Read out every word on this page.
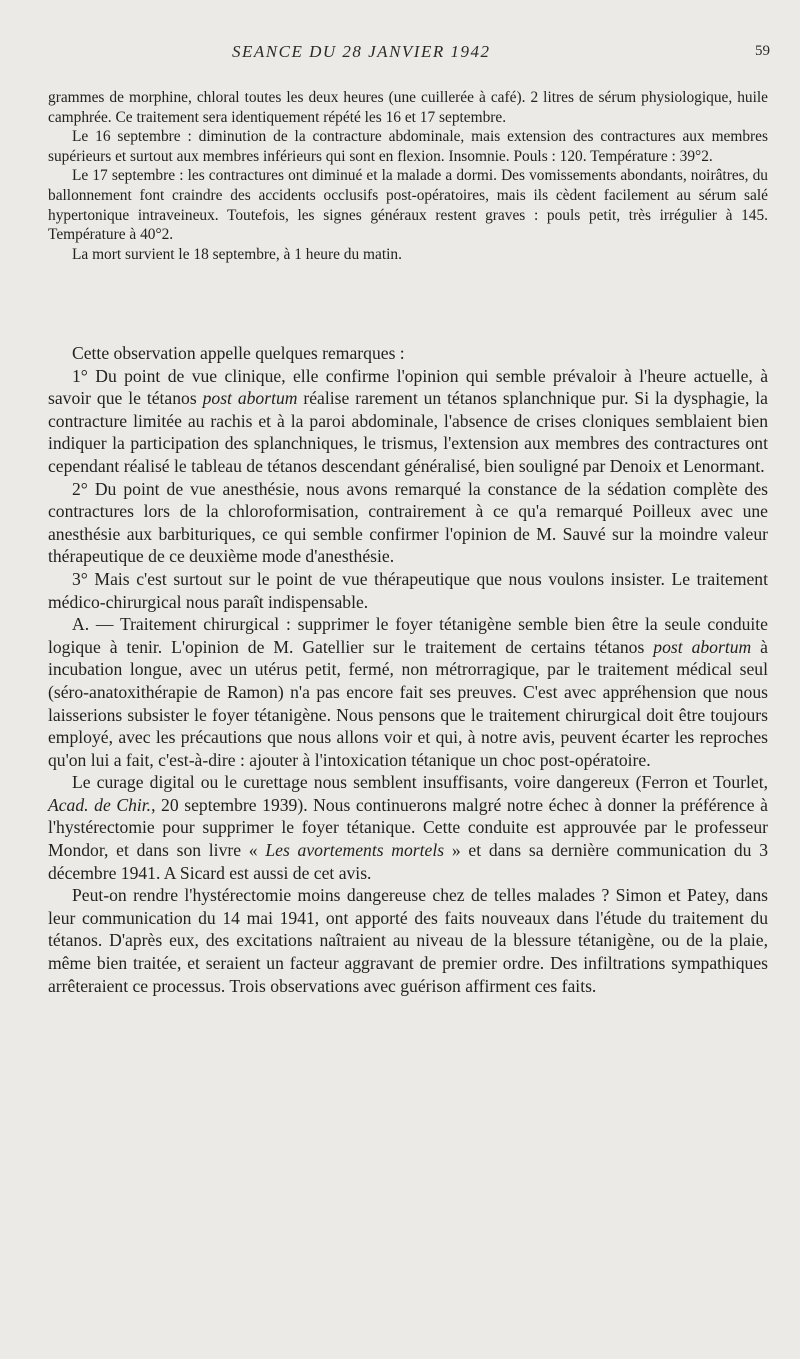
SEANCE DU 28 JANVIER 1942	59

grammes de morphine, chloral toutes les deux heures (une cuillerée à café). 2 litres de sérum physiologique, huile camphrée. Ce traitement sera identiquement répété les 16 et 17 septembre.

Le 16 septembre : diminution de la contracture abdominale, mais extension des contractures aux membres supérieurs et surtout aux membres inférieurs qui sont en flexion. Insomnie. Pouls : 120. Température : 39°2.

Le 17 septembre : les contractures ont diminué et la malade a dormi. Des vomissements abondants, noirâtres, du ballonnement font craindre des accidents occlusifs post-opératoires, mais ils cèdent facilement au sérum salé hypertonique intraveineux. Toutefois, les signes généraux restent graves : pouls petit, très irrégulier à 145. Température à 40°2.

La mort survient le 18 septembre, à 1 heure du matin.

Cette observation appelle quelques remarques :

1° Du point de vue clinique, elle confirme l'opinion qui semble prévaloir à l'heure actuelle, à savoir que le tétanos post abortum réalise rarement un tétanos splanchnique pur. Si la dysphagie, la contracture limitée au rachis et à la paroi abdominale, l'absence de crises cloniques semblaient bien indiquer la participation des splanchniques, le trismus, l'extension aux membres des contractures ont cependant réalisé le tableau de tétanos descendant généralisé, bien souligné par Denoix et Lenormant.

2° Du point de vue anesthésie, nous avons remarqué la constance de la sédation complète des contractures lors de la chloroformisation, contrairement à ce qu'a remarqué Poilleux avec une anesthésie aux barbituriques, ce qui semble confirmer l'opinion de M. Sauvé sur la moindre valeur thérapeutique de ce deuxième mode d'anesthésie.

3° Mais c'est surtout sur le point de vue thérapeutique que nous voulons insister. Le traitement médico-chirurgical nous paraît indispensable.

A. — Traitement chirurgical : supprimer le foyer tétanigène semble bien être la seule conduite logique à tenir. L'opinion de M. Gatellier sur le traitement de certains tétanos post abortum à incubation longue, avec un utérus petit, fermé, non métrorragique, par le traitement médical seul (séro-anatoxithérapie de Ramon) n'a pas encore fait ses preuves. C'est avec appréhension que nous laisserions subsister le foyer tétanigène. Nous pensons que le traitement chirurgical doit être toujours employé, avec les précautions que nous allons voir et qui, à notre avis, peuvent écarter les reproches qu'on lui a fait, c'est-à-dire : ajouter à l'intoxication tétanique un choc post-opératoire.

Le curage digital ou le curettage nous semblent insuffisants, voire dangereux (Ferron et Tourlet, Acad. de Chir., 20 septembre 1939). Nous continuerons malgré notre échec à donner la préférence à l'hystérectomie pour supprimer le foyer tétanique. Cette conduite est approuvée par le professeur Mondor, et dans son livre « Les avortements mortels » et dans sa dernière communication du 3 décembre 1941. A Sicard est aussi de cet avis.

Peut-on rendre l'hystérectomie moins dangereuse chez de telles malades ? Simon et Patey, dans leur communication du 14 mai 1941, ont apporté des faits nouveaux dans l'étude du traitement du tétanos. D'après eux, des excitations naîtraient au niveau de la blessure tétanigène, ou de la plaie, même bien traitée, et seraient un facteur aggravant de premier ordre. Des infiltrations sympathiques arrêteraient ce processus. Trois observations avec guérison affirment ces faits.
